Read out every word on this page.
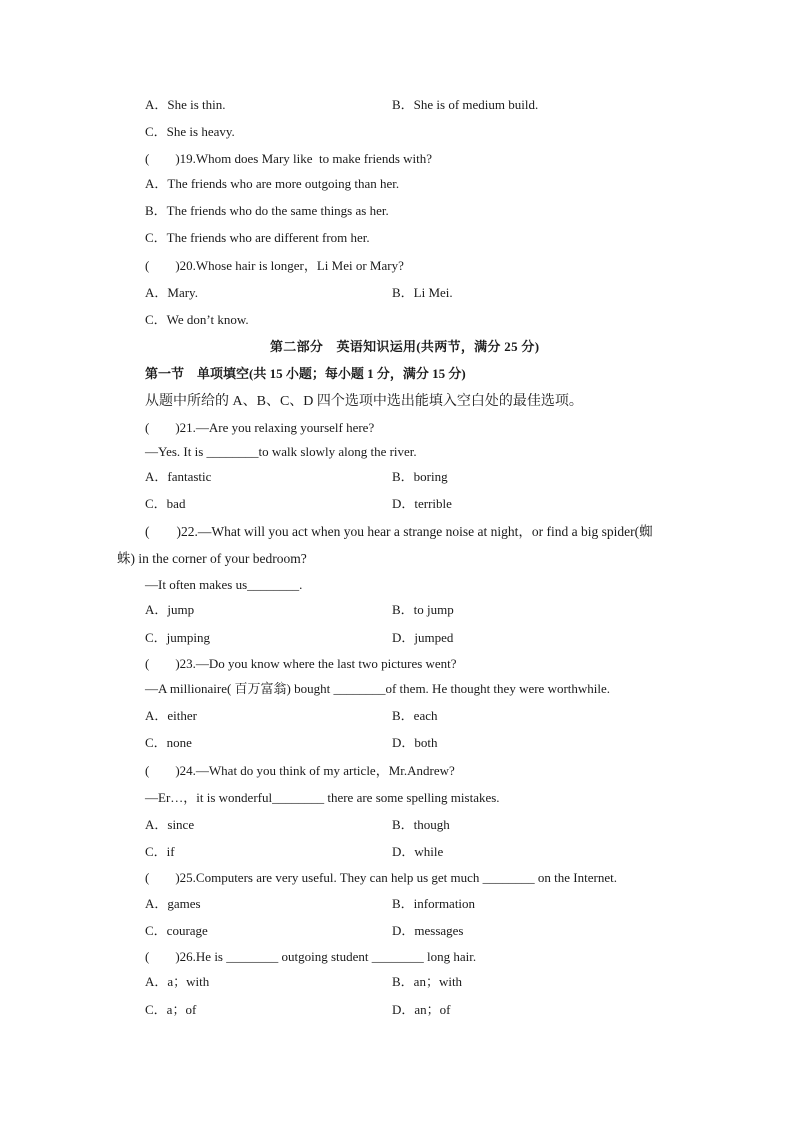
A．She is thin.	B．She is of medium build.
C．She is heavy.
(　　)19.Whom does Mary like  to make friends with?
A．The friends who are more outgoing than her.
B．The friends who do the same things as her.
C．The friends who are different from her.
(　　)20.Whose hair is longer，Li Mei or Mary?
A．Mary.	B．Li Mei.
C．We don’t know.
第二部分　英语知识运用(共两节，满分 25 分)
第一节　单项填空(共 15 小题；每小题 1 分，满分 15 分)
从题中所给的 A、B、C、D 四个选项中选出能填入空白处的最佳选项。
(　　)21.—Are you relaxing yourself here?
—Yes. It is ________to walk slowly along the river.
A．fantastic	B．boring
C．bad	D．terrible
(　　)22.—What will you act when you hear a strange noise at night，or find a big spider(蜘
蛛) in the corner of your bedroom?
—It often makes us________.
A．jump	B．to jump
C．jumping	D．jumped
(　　)23.—Do you know where the last two pictures went?
—A millionaire( 百万富翁) bought ________of them. He thought they were worthwhile.
A．either	B．each
C．none	D．both
(　　)24.—What do you think of my article，Mr.Andrew?
—Er…，it is wonderful________ there are some spelling mistakes.
A．since	B．though
C．if	D．while
(　　)25.Computers are very useful. They can help us get much ________ on the Internet.
A．games	B．information
C．courage	D．messages
(　　)26.He is ________ outgoing student ________ long hair.
A．a；with	B．an；with
C．a；of	D．an；of
